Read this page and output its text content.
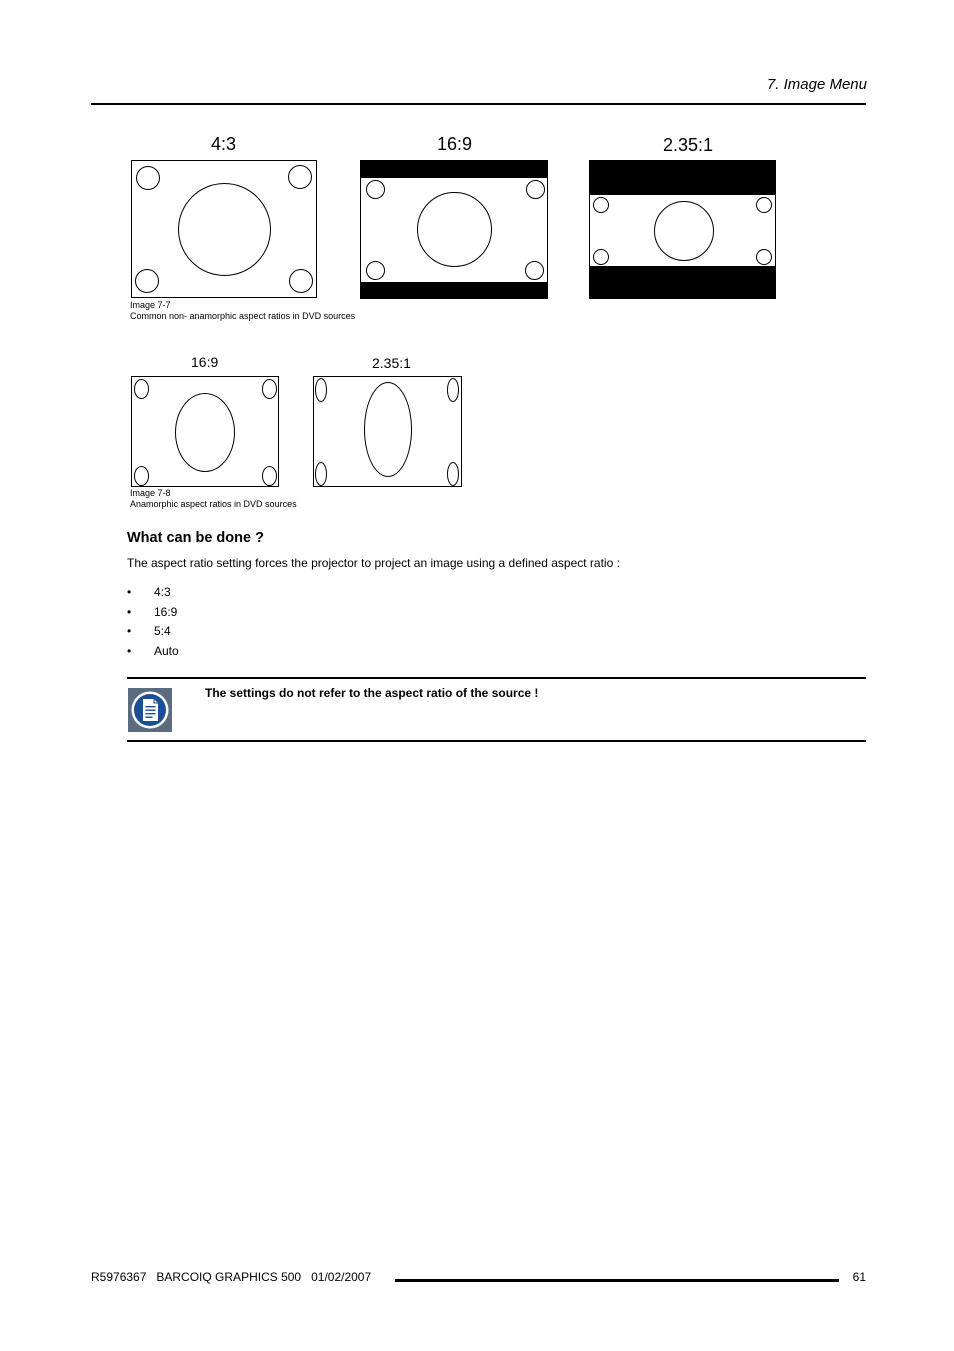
7. Image Menu
4:3	16:9	2.35:1
Image 7-7
Common non- anamorphic aspect ratios in DVD sources
16:9	2.35:1
Image 7-8
Anamorphic aspect ratios in DVD sources
What can be done ?
The aspect ratio setting forces the projector to project an image using a defined aspect ratio :
•	4:3
•	16:9
•	5:4
•	Auto
The settings do not refer to the aspect ratio of the source !
R5976367   BARCOIQ GRAPHICS 500   01/02/2007	61
